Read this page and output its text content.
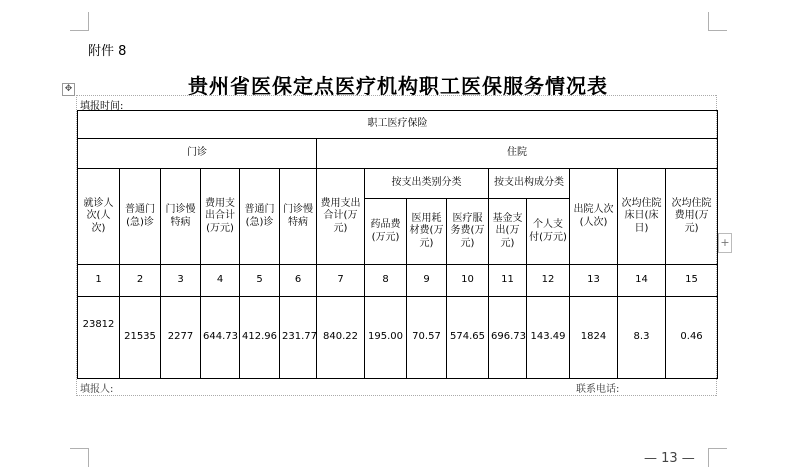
附件 8
贵州省医保定点医疗机构职工医保服务情况表
✥
+
填报时间:
职工医疗保险														
门诊						住院								
就诊人次(人次)	普通门(急)诊	门诊慢特病	费用支出合计(万元)	普通门(急)诊	门诊慢特病	费用支出合计(万元)	按支出类别分类			按支出构成分类		出院人次(人次)	次均住院床日(床日)	次均住院费用(万元)
							药品费(万元)	医用耗材费(万元)	医疗服务费(万元)	基金支出(万元)	个人支付(万元)			
1	2	3	4	5	6	7	8	9	10	11	12	13	14	15
23812	21535	2277	644.73	412.96	231.77	840.22	195.00	70.57	574.65	696.73	143.49	1824	8.3	0.46
填报人:	联系电话:
— 13 —
